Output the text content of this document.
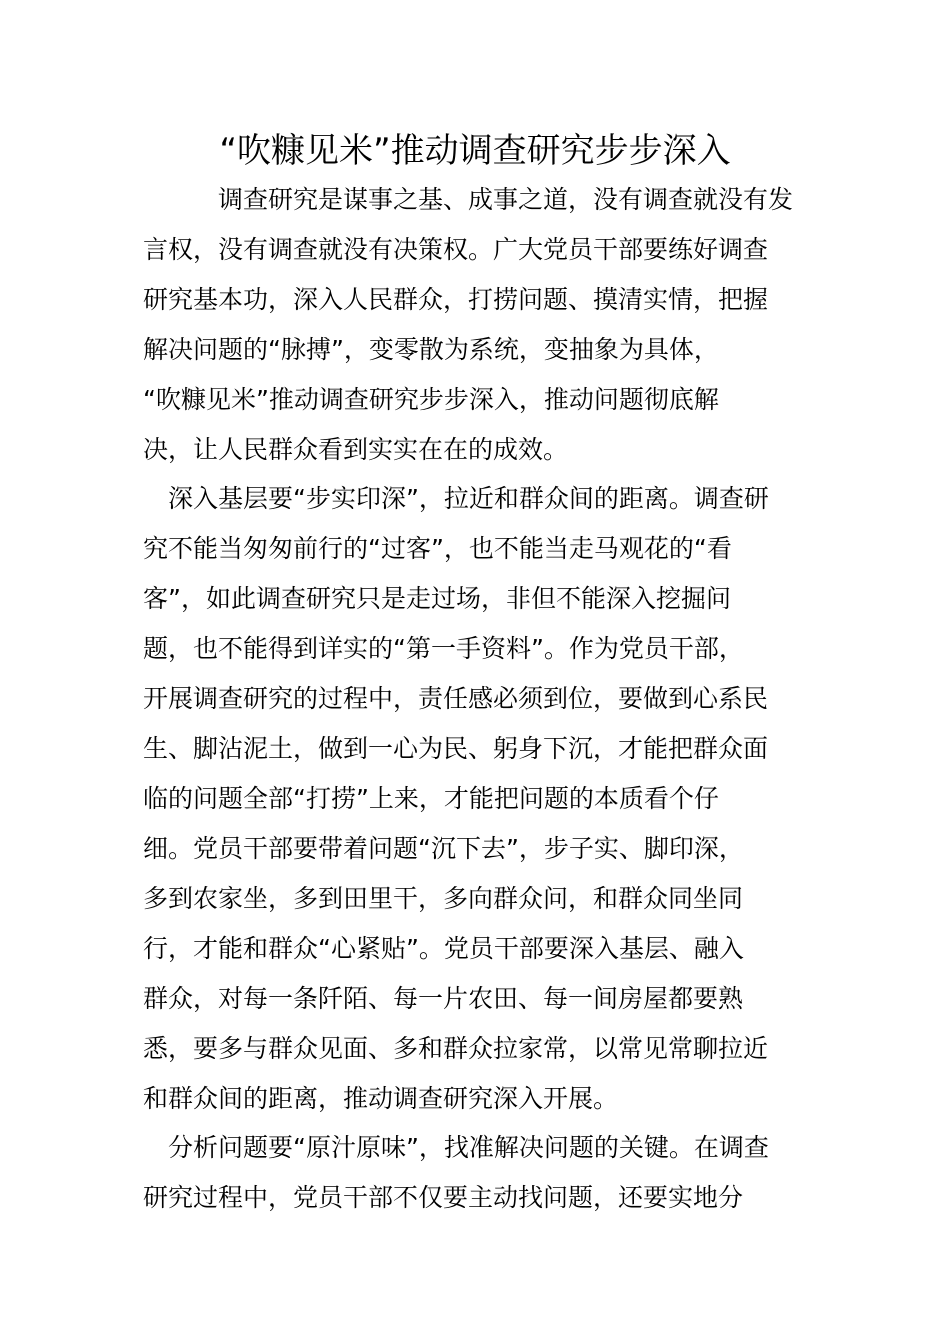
“吹糠见米”推动调查研究步步深入
调查研究是谋事之基、成事之道，没有调查就没有发
言权，没有调查就没有决策权。广大党员干部要练好调查
研究基本功，深入人民群众，打捞问题、摸清实情，把握
解决问题的“脉搏”，变零散为系统，变抽象为具体，
“吹糠见米”推动调查研究步步深入，推动问题彻底解
决，让人民群众看到实实在在的成效。
深入基层要“步实印深”，拉近和群众间的距离。调查研
究不能当匆匆前行的“过客”，也不能当走马观花的“看
客”，如此调查研究只是走过场，非但不能深入挖掘问
题，也不能得到详实的“第一手资料”。作为党员干部，
开展调查研究的过程中，责任感必须到位，要做到心系民
生、脚沾泥土，做到一心为民、躬身下沉，才能把群众面
临的问题全部“打捞”上来，才能把问题的本质看个仔
细。党员干部要带着问题“沉下去”，步子实、脚印深，
多到农家坐，多到田里干，多向群众问，和群众同坐同
行，才能和群众“心紧贴”。党员干部要深入基层、融入
群众，对每一条阡陌、每一片农田、每一间房屋都要熟
悉，要多与群众见面、多和群众拉家常，以常见常聊拉近
和群众间的距离，推动调查研究深入开展。
分析问题要“原汁原味”，找准解决问题的关键。在调查
研究过程中，党员干部不仅要主动找问题，还要实地分
